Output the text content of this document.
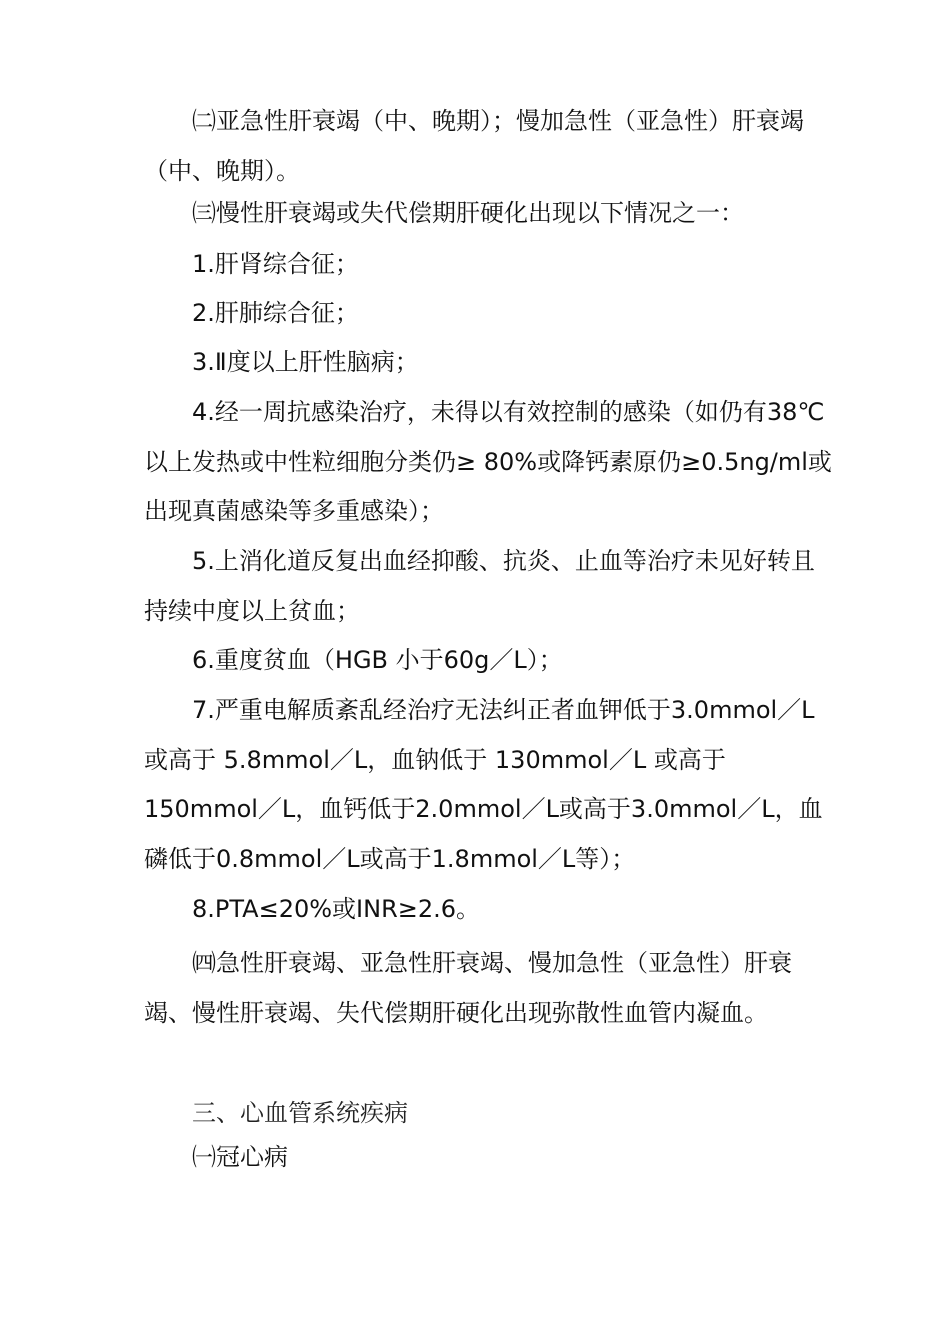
㈡亚急性肝衰竭（中、晚期）；慢加急性（亚急性）肝衰竭（中、晚期）。

㈢慢性肝衰竭或失代偿期肝硬化出现以下情况之一：

1.肝肾综合征；

2.肝肺综合征；

3.Ⅱ度以上肝性脑病；

4.经一周抗感染治疗，未得以有效控制的感染（如仍有38℃以上发热或中性粒细胞分类仍≥ 80%或降钙素原仍≥0.5ng/ml或出现真菌感染等多重感染）；

5.上消化道反复出血经抑酸、抗炎、止血等治疗未见好转且持续中度以上贫血；

6.重度贫血（HGB 小于60g／L）；

7.严重电解质紊乱经治疗无法纠正者血钾低于3.0mmol／L 或高于 5.8mmol／L，血钠低于 130mmol／L 或高于150mmol／L，血钙低于2.0mmol／L或高于3.0mmol／L，血磷低于0.8mmol／L或高于1.8mmol／L等）；

8.PTA≤20%或INR≥2.6。

㈣急性肝衰竭、亚急性肝衰竭、慢加急性（亚急性）肝衰竭、慢性肝衰竭、失代偿期肝硬化出现弥散性血管内凝血。

三、心血管系统疾病

㈠冠心病
